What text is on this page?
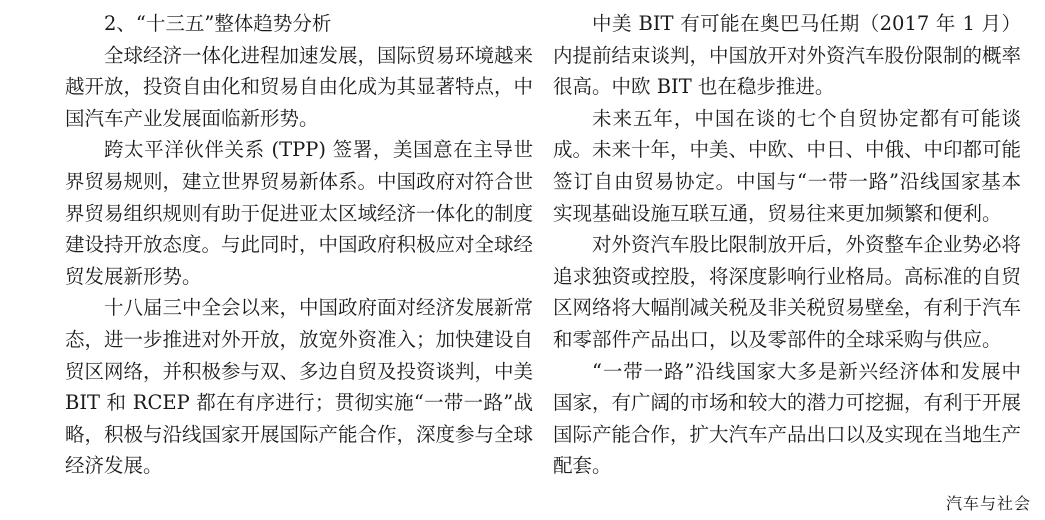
2、“十三五”整体趋势分析

全球经济一体化进程加速发展，国际贸易环境越来越开放，投资自由化和贸易自由化成为其显著特点，中国汽车产业发展面临新形势。

跨太平洋伙伴关系 (TPP) 签署，美国意在主导世界贸易规则，建立世界贸易新体系。中国政府对符合世界贸易组织规则有助于促进亚太区域经济一体化的制度建设持开放态度。与此同时，中国政府积极应对全球经贸发展新形势。

十八届三中全会以来，中国政府面对经济发展新常态，进一步推进对外开放，放宽外资准入；加快建设自贸区网络，并积极参与双、多边自贸及投资谈判，中美 BIT 和 RCEP 都在有序进行；贯彻实施“一带一路”战略，积极与沿线国家开展国际产能合作，深度参与全球经济发展。

中美 BIT 有可能在奥巴马任期（2017 年 1 月）内提前结束谈判，中国放开对外资汽车股份限制的概率很高。中欧 BIT 也在稳步推进。

未来五年，中国在谈的七个自贸协定都有可能谈成。未来十年，中美、中欧、中日、中俄、中印都可能签订自由贸易协定。中国与“一带一路”沿线国家基本实现基础设施互联互通，贸易往来更加频繁和便利。

对外资汽车股比限制放开后，外资整车企业势必将追求独资或控股，将深度影响行业格局。高标准的自贸区网络将大幅削减关税及非关税贸易壁垒，有利于汽车和零部件产品出口，以及零部件的全球采购与供应。

“一带一路”沿线国家大多是新兴经济体和发展中国家，有广阔的市场和较大的潜力可挖掘，有利于开展国际产能合作，扩大汽车产品出口以及实现在当地生产配套。

汽车与社会
